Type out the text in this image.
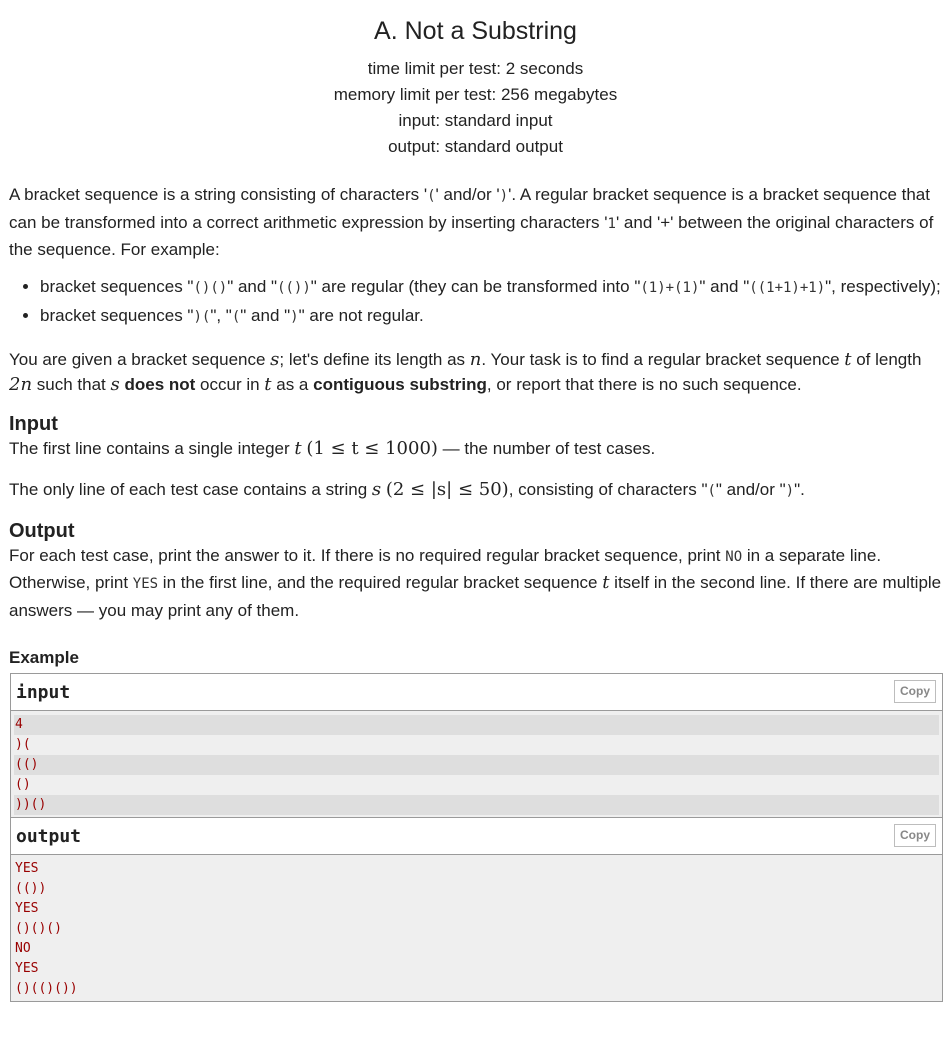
A. Not a Substring
time limit per test: 2 seconds
memory limit per test: 256 megabytes
input: standard input
output: standard output

A bracket sequence is a string consisting of characters '(' and/or ')'. A regular bracket sequence is a bracket sequence that can be transformed into a correct arithmetic expression by inserting characters '1' and '+' between the original characters of the sequence. For example:

• bracket sequences "()()" and "(())" are regular (they can be transformed into "(1)+(1)" and "((1+1)+1)", respectively);
• bracket sequences ")(", "(" and ")" are not regular.

You are given a bracket sequence s; let's define its length as n. Your task is to find a regular bracket sequence t of length 2n such that s does not occur in t as a contiguous substring, or report that there is no such sequence.

Input

The first line contains a single integer t (1 ≤ t ≤ 1000) — the number of test cases.

The only line of each test case contains a string s (2 ≤ |s| ≤ 50), consisting of characters "(" and/or ")".

Output

For each test case, print the answer to it. If there is no required regular bracket sequence, print NO in a separate line. Otherwise, print YES in the first line, and the required regular bracket sequence t itself in the second line. If there are multiple answers — you may print any of them.

Example
input	Copy
4
)(
(()
()
))()
output	Copy
YES
(())
YES
()()()
NO
YES
()(()())
